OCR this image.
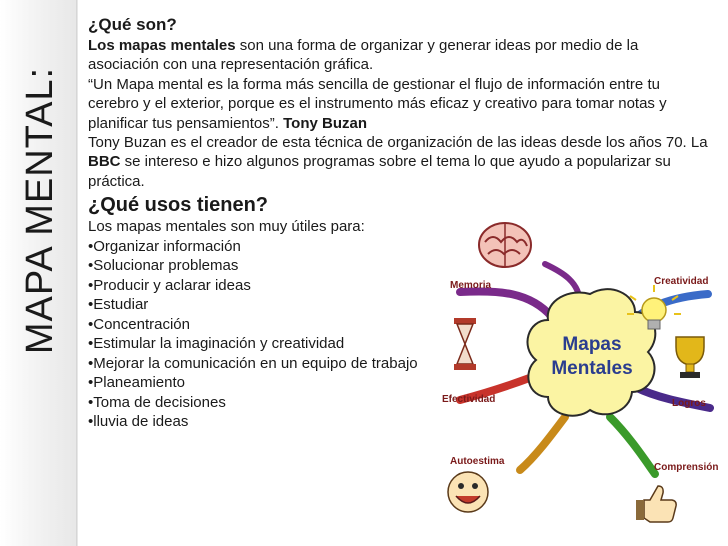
MAPA MENTAL:

¿Qué son?

Los mapas mentales son una forma de organizar y generar ideas por medio de la asociación con una representación gráfica.

“Un Mapa mental es la forma más sencilla de gestionar el flujo de información entre tu cerebro y el exterior, porque es el instrumento más eficaz y creativo para tomar notas y planificar tus pensamientos”. Tony Buzan

Tony Buzan es el creador de esta técnica de organización de las ideas desde los años 70. La BBC se intereso e hizo algunos programas sobre el tema lo que ayudo a popularizar su práctica.

¿Qué usos tienen?

Los mapas mentales son muy útiles para:

•Organizar información

•Solucionar problemas

•Producir y aclarar ideas

•Estudiar

•Concentración

•Estimular la imaginación y creatividad

•Mejorar la comunicación en un equipo de trabajo

•Planeamiento

•Toma de decisiones

•lluvia de ideas

Mapas
Mentales
Memoria	Creatividad
Efectividad	Logros
Autoestima
Comprensión
